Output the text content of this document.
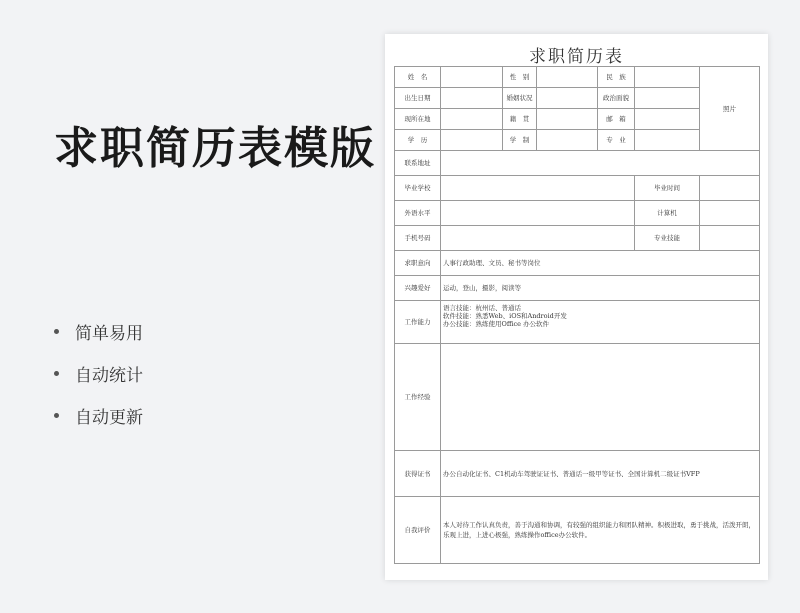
求职简历表模版
简单易用
自动统计
自动更新
求职简历表
姓　名		性　别		民　族		照片
出生日期		婚姻状况		政治面貌		
现所在地		籍　贯		邮　箱		
学　历		学　制		专　业		
联系地址						
毕业学校					毕业时间	
外语水平					计算机	
手机号码					专业技能	
求职意向	人事行政助理、文员、秘书等岗位					
兴趣爱好	运动，登山，摄影，阅读等					
工作能力	语言技能：杭州话、普通话
软件技能：熟悉Web、iOS和Android开发
办公技能：熟练使用Office 办公软件					

工作经验						
获得证书	办公自动化证书、C1机动车驾驶证证书、普通话一级甲等证书、全国计算机二级证书VFP					
自我评价	本人对待工作认真负责，善于沟通和协调，有较强的组织能力和团队精神。积极进取，勇于挑战，活泼开朗，乐观上进，上进心极强，熟练操作office办公软件。					
